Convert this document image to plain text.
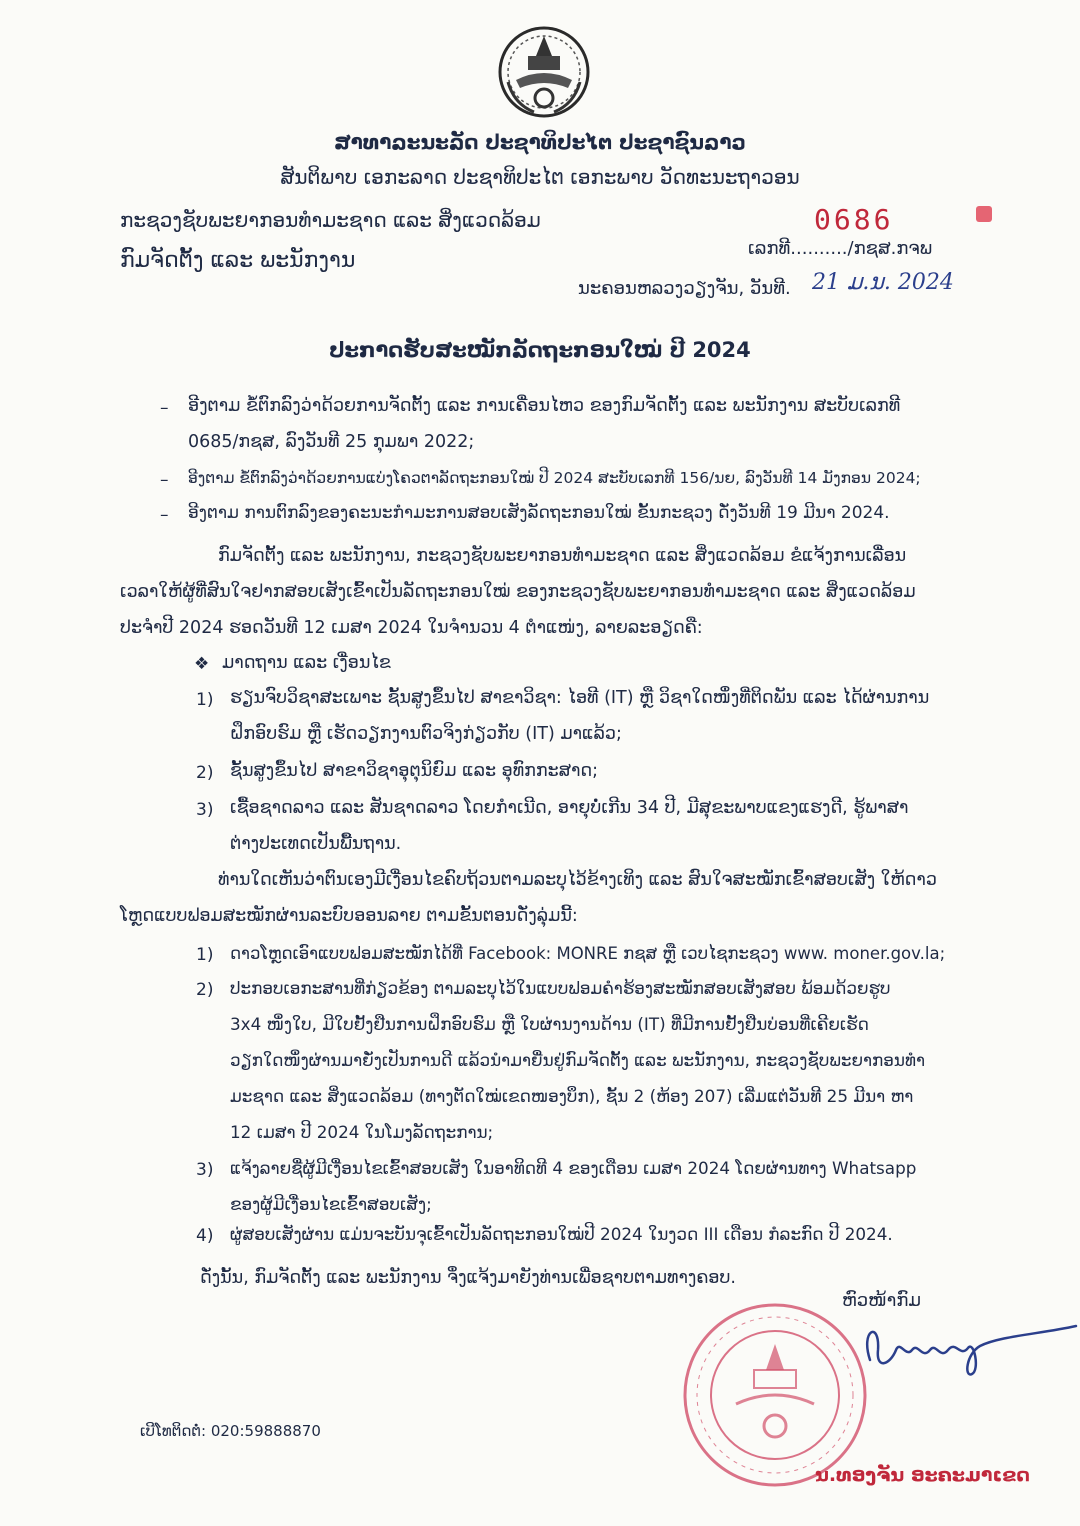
ສາທາລະນະລັດ ປະຊາທິປະໄຕ ປະຊາຊົນລາວ
ສັນຕິພາບ ເອກະລາດ ປະຊາທິປະໄຕ ເອກະພາບ ວັດທະນະຖາວອນ
ກະຊວງຊັບພະຍາກອນທຳມະຊາດ ແລະ ສິ່ງແວດລ້ອມ
ກົມຈັດຕັ້ງ ແລະ ພະນັກງານ
0686
ເລກທີ........../ກຊສ.ກຈພ
ນະຄອນຫລວງວຽງຈັນ, ວັນທີ. 21 ມ.ນ. 2024
ປະກາດຮັບສະໝັກລັດຖະກອນໃໝ່ ປີ 2024
– ອີງຕາມ ຂໍ້ຕົກລົງວ່າດ້ວຍການຈັດຕັ້ງ ແລະ ການເຄື່ອນໄຫວ ຂອງກົມຈັດຕັ້ງ ແລະ ພະນັກງານ ສະບັບເລກທີ
0685/ກຊສ, ລົງວັນທີ 25 ກຸມພາ 2022;
– ອີງຕາມ ຂໍ້ຕົກລົງວ່າດ້ວຍການແບ່ງໂຄວຕາລັດຖະກອນໃໝ່ ປີ 2024 ສະບັບເລກທີ 156/ນຍ, ລົງວັນທີ 14 ມັງກອນ 2024;
– ອີງຕາມ ການຕົກລົງຂອງຄະນະກຳມະການສອບເສັງລັດຖະກອນໃໝ່ ຂັ້ນກະຊວງ ດັ່ງວັນທີ 19 ມີນາ 2024.
ກົມຈັດຕັ້ງ ແລະ ພະນັກງານ, ກະຊວງຊັບພະຍາກອນທຳມະຊາດ ແລະ ສິ່ງແວດລ້ອມ ຂໍແຈ້ງການເລື່ອນ
ເວລາໃຫ້ຜູ້ທີ່ສົນໃຈຢາກສອບເສັງເຂົ້າເປັນລັດຖະກອນໃໝ່ ຂອງກະຊວງຊັບພະຍາກອນທຳມະຊາດ ແລະ ສິ່ງແວດລ້ອມ
ປະຈຳປີ 2024 ຮອດວັນທີ 12 ເມສາ 2024 ໃນຈຳນວນ 4 ຕຳແໜ່ງ, ລາຍລະອຽດຄື:
❖ ມາດຖານ ແລະ ເງື່ອນໄຂ
1) ຮຽນຈົບວິຊາສະເພາະ ຊັ້ນສູງຂຶ້ນໄປ ສາຂາວິຊາ: ໄອທີ (IT) ຫຼື ວິຊາໃດໜຶ່ງທີ່ຕິດພັນ ແລະ ໄດ້ຜ່ານການ
ຝຶກອົບຮົມ ຫຼື ເຮັດວຽກງານຕົວຈິງກ່ຽວກັບ (IT) ມາແລ້ວ;
2) ຊັ້ນສູງຂຶ້ນໄປ ສາຂາວິຊາອຸຕຸນິຍົມ ແລະ ອຸທົກກະສາດ;
3) ເຊື້ອຊາດລາວ ແລະ ສັນຊາດລາວ ໂດຍກຳເນີດ, ອາຍຸບໍ່ເກີນ 34 ປີ, ມີສຸຂະພາບແຂງແຮງດີ, ຮູ້ພາສາ
ຕ່າງປະເທດເປັນພື້ນຖານ.
ທ່ານໃດເຫັນວ່າຕົນເອງມີເງື່ອນໄຂຄົບຖ້ວນຕາມລະບຸໄວ້ຂ້າງເທິງ ແລະ ສົນໃຈສະໝັກເຂົ້າສອບເສັງ ໃຫ້ດາວ
ໂຫຼດແບບຟອມສະໝັກຜ່ານລະບົບອອນລາຍ ຕາມຂັ້ນຕອນດັ່ງລຸ່ມນີ້:
1) ດາວໂຫຼດເອົາແບບຟອມສະໝັກໄດ້ທີ່ Facebook: MONRE ກຊສ ຫຼື ເວບໄຊກະຊວງ www. moner.gov.la;
2) ປະກອບເອກະສານທີ່ກ່ຽວຂ້ອງ ຕາມລະບຸໄວ້ໃນແບບຟອມຄຳຮ້ອງສະໝັກສອບເສັງສອບ ພ້ອມດ້ວຍຮູບ
3x4 ໜຶ່ງໃບ, ມີໃບຢັ້ງຢືນການຝຶກອົບຮົມ ຫຼື ໃບຜ່ານງານດ້ານ (IT) ທີ່ມີການຢັ້ງຢືນບ່ອນທີ່ເຄີຍເຮັດ
ວຽກໃດໜຶ່ງຜ່ານມາຍັ່ງເປັນການດີ ແລ້ວນຳມາຍື່ນຢູ່ກົມຈັດຕັ້ງ ແລະ ພະນັກງານ, ກະຊວງຊັບພະຍາກອນທຳ
ມະຊາດ ແລະ ສິ່ງແວດລ້ອມ (ທາງຕັດໃໝ່ເຂດໜອງບຶກ), ຊັ້ນ 2 (ຫ້ອງ 207) ເລີ່ມແຕ່ວັນທີ 25 ມີນາ ຫາ
12 ເມສາ ປີ 2024 ໃນໂມງລັດຖະການ;
3) ແຈ້ງລາຍຊື່ຜູ້ມີເງື່ອນໄຂເຂົ້າສອບເສັງ ໃນອາທິດທີ 4 ຂອງເດືອນ ເມສາ 2024 ໂດຍຜ່ານທາງ Whatsapp
ຂອງຜູ້ມີເງື່ອນໄຂເຂົ້າສອບເສັງ;
4) ຜູ່ສອບເສັງຜ່ານ ແມ່ນຈະບັນຈຸເຂົ້າເປັນລັດຖະກອນໃໝ່ປີ 2024 ໃນງວດ III ເດືອນ ກໍລະກົດ ປີ 2024.
ດັ່ງນັ້ນ, ກົມຈັດຕັ້ງ ແລະ ພະນັກງານ ຈຶ່ງແຈ້ງມາຍັງທ່ານເພື່ອຊາບຕາມທາງຄອບ.
ຫົວໜ້າກົມ
ເບີໂທຕິດຕໍ່: 020:59888870
ນ.ທອງຈັນ ອະຄະມາເຂດ
